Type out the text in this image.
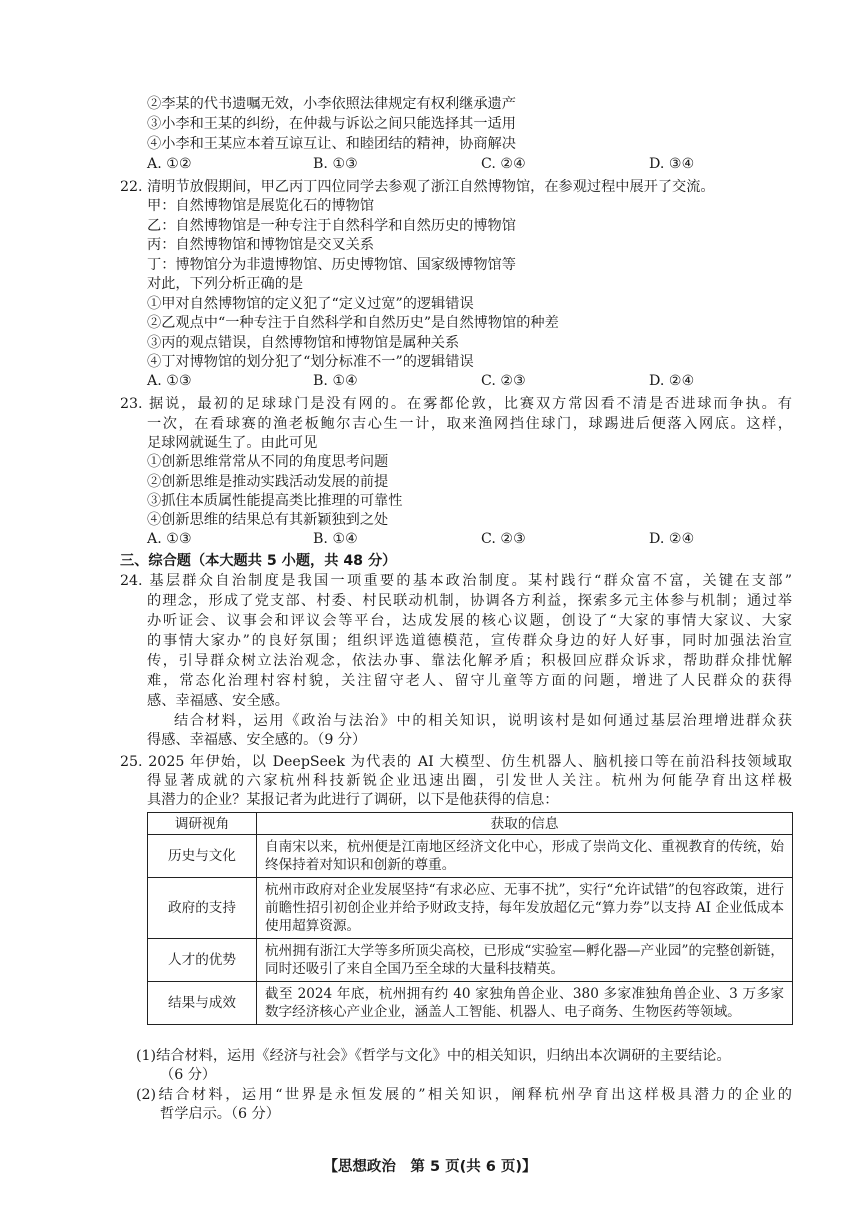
②李某的代书遗嘱无效，小李依照法律规定有权利继承遗产
③小李和王某的纠纷，在仲裁与诉讼之间只能选择其一适用
④小李和王某应本着互谅互让、和睦团结的精神，协商解决
A. ①②	B. ①③	C. ②④	D. ③④
22. 清明节放假期间，甲乙丙丁四位同学去参观了浙江自然博物馆，在参观过程中展开了交流。
甲：自然博物馆是展览化石的博物馆
乙：自然博物馆是一种专注于自然科学和自然历史的博物馆
丙：自然博物馆和博物馆是交叉关系
丁：博物馆分为非遗博物馆、历史博物馆、国家级博物馆等
对此，下列分析正确的是
①甲对自然博物馆的定义犯了“定义过宽”的逻辑错误
②乙观点中“一种专注于自然科学和自然历史”是自然博物馆的种差
③丙的观点错误，自然博物馆和博物馆是属种关系
④丁对博物馆的划分犯了“划分标准不一”的逻辑错误
A. ①③	B. ①④	C. ②③	D. ②④
23. 据说，最初的足球球门是没有网的。在雾都伦敦，比赛双方常因看不清是否进球而争执。有
一次，在看球赛的渔老板鲍尔吉心生一计，取来渔网挡住球门，球踢进后便落入网底。这样，
足球网就诞生了。由此可见
①创新思维常常从不同的角度思考问题
②创新思维是推动实践活动发展的前提
③抓住本质属性能提高类比推理的可靠性
④创新思维的结果总有其新颖独到之处
A. ①③	B. ①④	C. ②③	D. ②④
三、综合题（本大题共 5 小题，共 48 分）
24. 基层群众自治制度是我国一项重要的基本政治制度。某村践行“群众富不富，关键在支部”
的理念，形成了党支部、村委、村民联动机制，协调各方利益，探索多元主体参与机制；通过举
办听证会、议事会和评议会等平台，达成发展的核心议题，创设了“大家的事情大家议、大家
的事情大家办”的良好氛围；组织评选道德模范，宣传群众身边的好人好事，同时加强法治宣
传，引导群众树立法治观念，依法办事、靠法化解矛盾；积极回应群众诉求，帮助群众排忧解
难，常态化治理村容村貌，关注留守老人、留守儿童等方面的问题，增进了人民群众的获得
感、幸福感、安全感。
结合材料，运用《政治与法治》中的相关知识，说明该村是如何通过基层治理增进群众获
得感、幸福感、安全感的。（9 分）
25. 2025 年伊始，以 DeepSeek 为代表的 AI 大模型、仿生机器人、脑机接口等在前沿科技领域取
得显著成就的六家杭州科技新锐企业迅速出圈，引发世人关注。杭州为何能孕育出这样极
具潜力的企业？某报记者为此进行了调研，以下是他获得的信息：
调研视角	获取的信息
历史与文化	自南宋以来，杭州便是江南地区经济文化中心，形成了崇尚文化、重视教育的传统，始终保持着对知识和创新的尊重。
政府的支持	杭州市政府对企业发展坚持“有求必应、无事不扰”，实行“允许试错”的包容政策，进行前瞻性招引初创企业并给予财政支持，每年发放超亿元“算力券”以支持 AI 企业低成本使用超算资源。
人才的优势	杭州拥有浙江大学等多所顶尖高校，已形成“实验室—孵化器—产业园”的完整创新链，同时还吸引了来自全国乃至全球的大量科技精英。
结果与成效	截至 2024 年底，杭州拥有约 40 家独角兽企业、380 多家准独角兽企业、3 万多家数字经济核心产业企业，涵盖人工智能、机器人、电子商务、生物医药等领域。
(1)结合材料，运用《经济与社会》《哲学与文化》中的相关知识，归纳出本次调研的主要结论。
（6 分）
(2)结合材料，运用“世界是永恒发展的”相关知识，阐释杭州孕育出这样极具潜力的企业的
哲学启示。（6 分）
【思想政治　第 5 页(共 6 页)】
